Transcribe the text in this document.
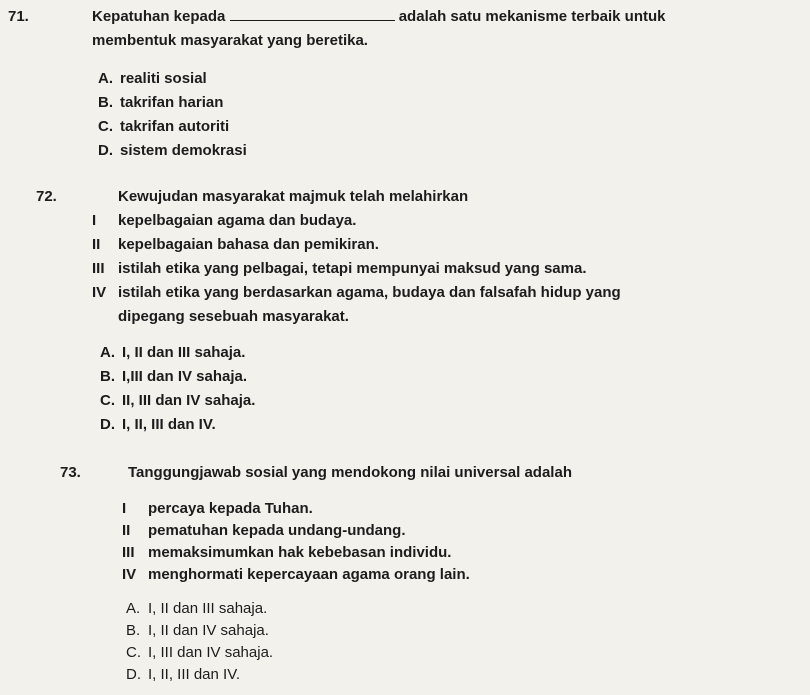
71.	Kepatuhan kepada	adalah satu mekanisme terbaik untuk
membentuk masyarakat yang beretika.
A. realiti sosial
B. takrifan harian
C. takrifan autoriti
D. sistem demokrasi
72.	Kewujudan masyarakat majmuk telah melahirkan
I kepelbagaian agama dan budaya.
II kepelbagaian bahasa dan pemikiran.
III istilah etika yang pelbagai, tetapi mempunyai maksud yang sama.
IV istilah etika yang berdasarkan agama, budaya dan falsafah hidup yang
dipegang sesebuah masyarakat.
A. I, II dan III sahaja.
B. I,III dan IV sahaja.
C. II, III dan IV sahaja.
D. I, II, III dan IV.
73.	Tanggungjawab sosial yang mendokong nilai universal adalah
I percaya kepada Tuhan.
II pematuhan kepada undang-undang.
III memaksimumkan hak kebebasan individu.
IV menghormati kepercayaan agama orang lain.
A. I, II dan III sahaja.
B. I, II dan IV sahaja.
C. I, III dan IV sahaja.
D. I, II, III dan IV.
